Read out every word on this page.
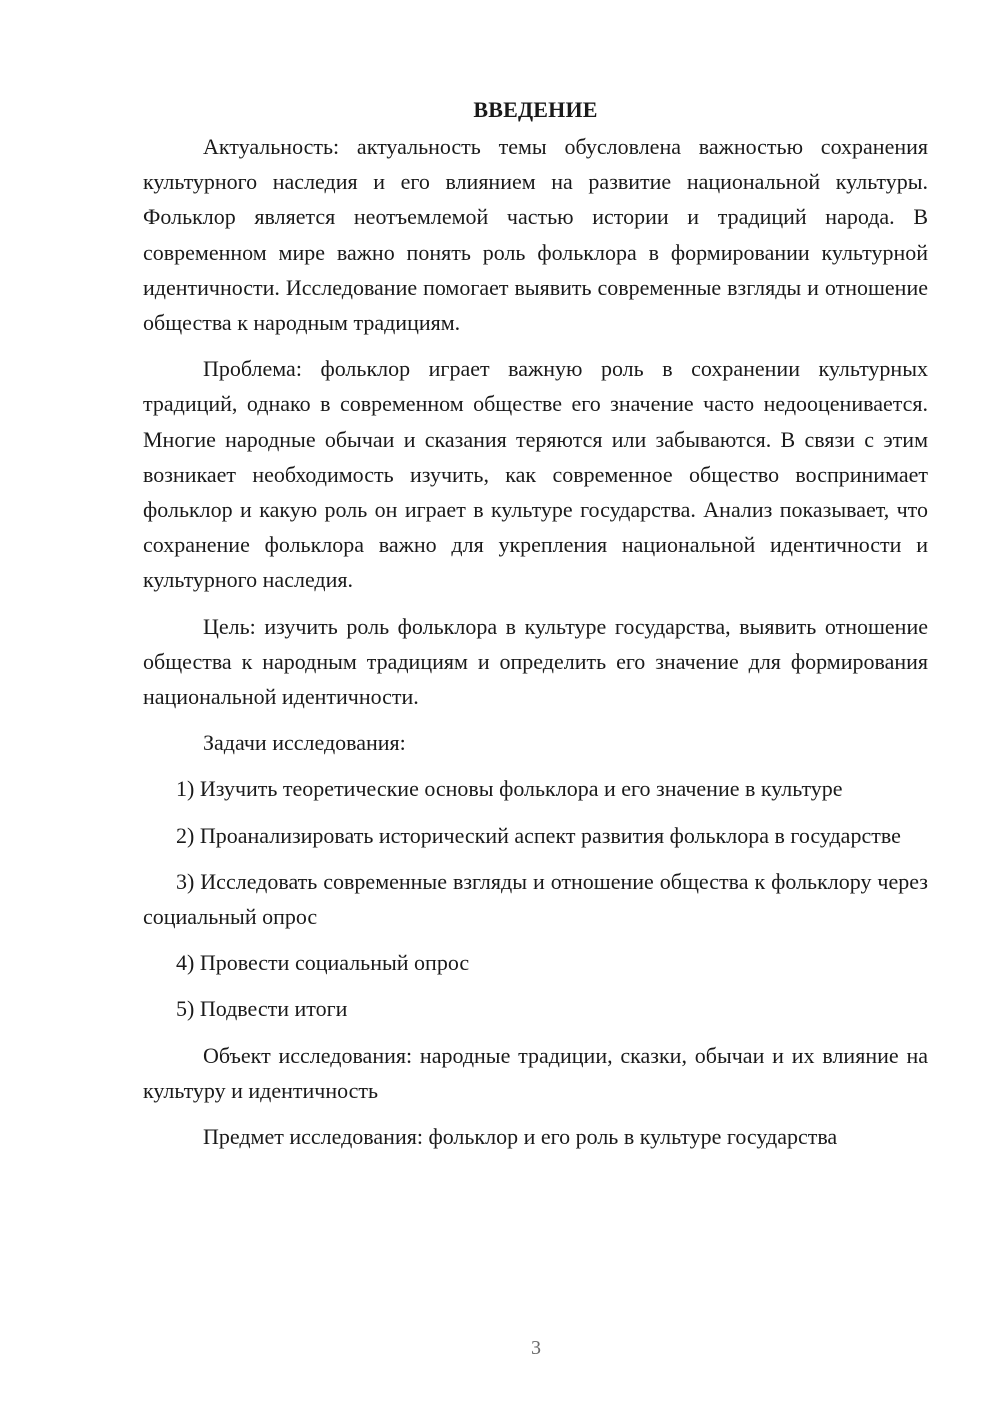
ВВЕДЕНИЕ

Актуальность: актуальность темы обусловлена важностью сохранения культурного наследия и его влиянием на развитие национальной культуры. Фольклор является неотъемлемой частью истории и традиций народа. В современном мире важно понять роль фольклора в формировании культурной идентичности. Исследование помогает выявить современные взгляды и отношение общества к народным традициям.

Проблема: фольклор играет важную роль в сохранении культурных традиций, однако в современном обществе его значение часто недооценивается. Многие народные обычаи и сказания теряются или забываются. В связи с этим возникает необходимость изучить, как современное общество воспринимает фольклор и какую роль он играет в культуре государства. Анализ показывает, что сохранение фольклора важно для укрепления национальной идентичности и культурного наследия.

Цель: изучить роль фольклора в культуре государства, выявить отношение общества к народным традициям и определить его значение для формирования национальной идентичности.

Задачи исследования:

1) Изучить теоретические основы фольклора и его значение в культуре

2) Проанализировать исторический аспект развития фольклора в государстве

3) Исследовать современные взгляды и отношение общества к фольклору через социальный опрос

4) Провести социальный опрос

5) Подвести итоги

Объект исследования: народные традиции, сказки, обычаи и их влияние на культуру и идентичность

Предмет исследования: фольклор и его роль в культуре государства

3
